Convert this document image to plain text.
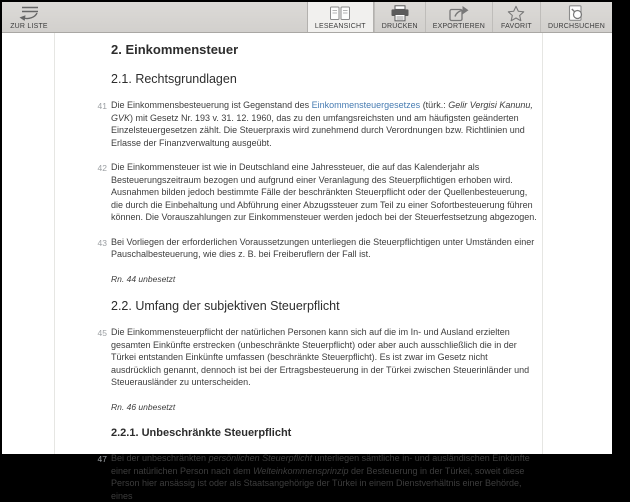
ZUR LISTE	LESEANSICHT DRUCKEN EXPORTIEREN FAVORIT DURCHSUCHEN
2. Einkommensteuer
2.1. Rechtsgrundlagen
41 Die Einkommensbesteuerung ist Gegenstand des Einkommensteuergesetzes (türk.: Gelir Vergisi Kanunu, GVK) mit Gesetz Nr. 193 v. 31. 12. 1960, das zu den umfangsreichsten und am häufigsten geänderten Einzelsteuergesetzen zählt. Die Steuerpraxis wird zunehmend durch Verordnungen bzw. Richtlinien und Erlasse der Finanzverwaltung ausgeübt.
42 Die Einkommensteuer ist wie in Deutschland eine Jahressteuer, die auf das Kalenderjahr als Besteuerungszeitraum bezogen und aufgrund einer Veranlagung des Steuerpflichtigen erhoben wird. Ausnahmen bilden jedoch bestimmte Fälle der beschränkten Steuerpflicht oder der Quellenbesteuerung, die durch die Einbehaltung und Abführung einer Abzugssteuer zum Teil zu einer Sofortbesteuerung führen können. Die Vorauszahlungen zur Einkommensteuer werden jedoch bei der Steuerfestsetzung abgezogen.
43 Bei Vorliegen der erforderlichen Voraussetzungen unterliegen die Steuerpflichtigen unter Umständen einer Pauschalbesteuerung, wie dies z. B. bei Freiberuflern der Fall ist.
Rn. 44 unbesetzt
2.2. Umfang der subjektiven Steuerpflicht
45 Die Einkommensteuerpflicht der natürlichen Personen kann sich auf die im In- und Ausland erzielten gesamten Einkünfte erstrecken (unbeschränkte Steuerpflicht) oder aber auch ausschließlich die in der Türkei entstanden Einkünfte umfassen (beschränkte Steuerpflicht). Es ist zwar im Gesetz nicht ausdrücklich genannt, dennoch ist bei der Ertragsbesteuerung in der Türkei zwischen Steuerinländer und Steuerausländer zu unterscheiden.
Rn. 46 unbesetzt
2.2.1. Unbeschränkte Steuerpflicht
47 Bei der unbeschränkten persönlichen Steuerpflicht unterliegen sämtliche in- und ausländischen Einkünfte einer natürlichen Person nach dem Welteinkommensprinzip der Besteuerung in der Türkei, soweit diese Person hier ansässig ist oder als Staatsangehörige der Türkei in einem Dienstverhältnis einer Behörde, eines
